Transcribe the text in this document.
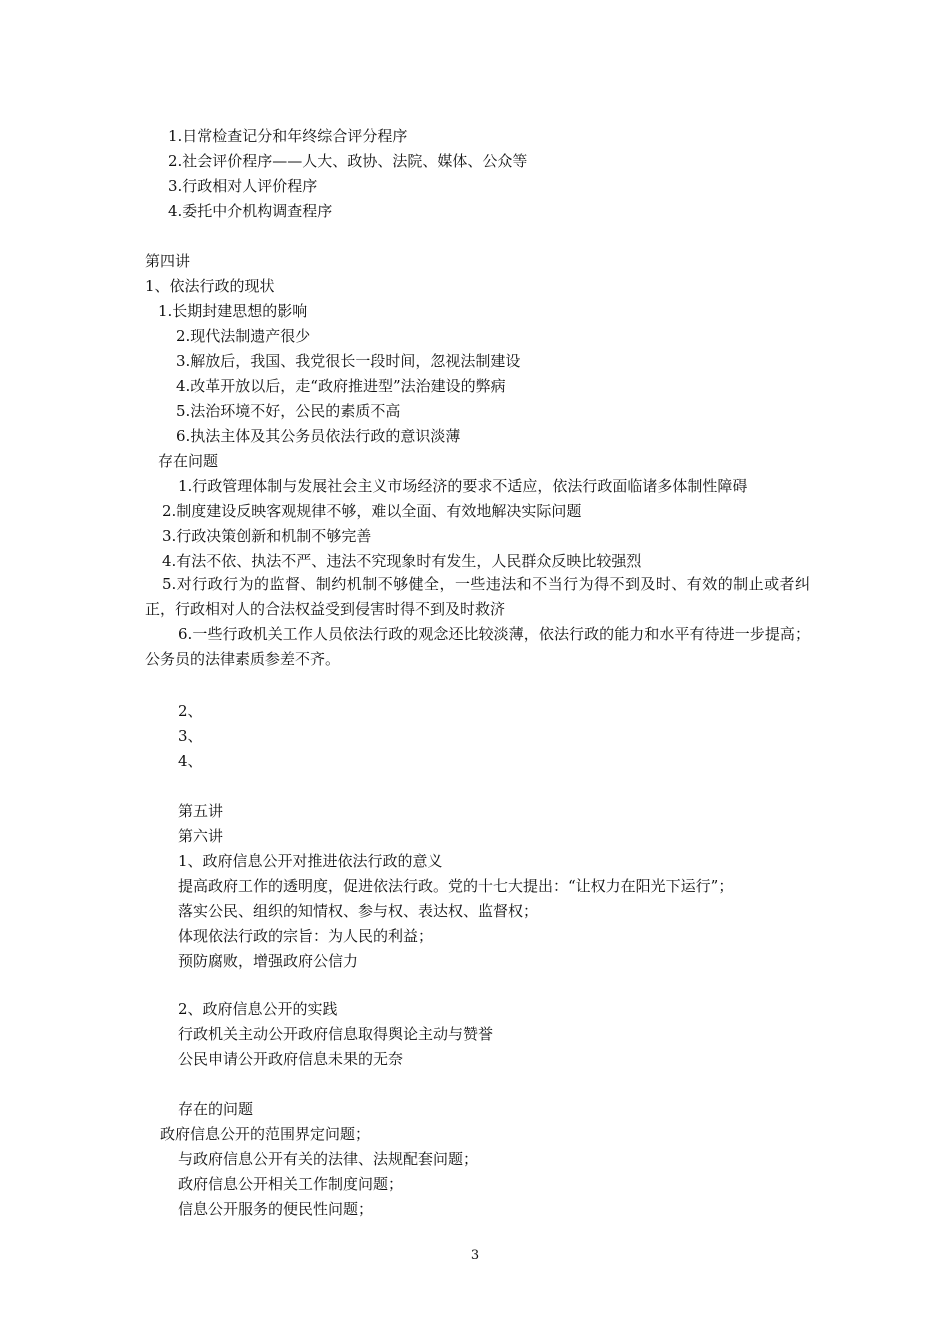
1.日常检查记分和年终综合评分程序
2.社会评价程序——人大、政协、法院、媒体、公众等
3.行政相对人评价程序
4.委托中介机构调查程序
第四讲
1、依法行政的现状
1.长期封建思想的影响
2.现代法制遗产很少
3.解放后，我国、我党很长一段时间，忽视法制建设
4.改革开放以后，走“政府推进型”法治建设的弊病
5.法治环境不好，公民的素质不高
6.执法主体及其公务员依法行政的意识淡薄
存在问题
1.行政管理体制与发展社会主义市场经济的要求不适应，依法行政面临诸多体制性障碍
2.制度建设反映客观规律不够，难以全面、有效地解决实际问题
3.行政决策创新和机制不够完善
4.有法不依、执法不严、违法不究现象时有发生，人民群众反映比较强烈
5.对行政行为的监督、制约机制不够健全，一些违法和不当行为得不到及时、有效的制止或者纠正，行政相对人的合法权益受到侵害时得不到及时救济
6.一些行政机关工作人员依法行政的观念还比较淡薄，依法行政的能力和水平有待进一步提高；公务员的法律素质参差不齐。
2、
3、
4、
第五讲
第六讲
1、政府信息公开对推进依法行政的意义
提高政府工作的透明度，促进依法行政。党的十七大提出：“让权力在阳光下运行”；
落实公民、组织的知情权、参与权、表达权、监督权；
体现依法行政的宗旨：为人民的利益；
预防腐败，增强政府公信力
2、政府信息公开的实践
行政机关主动公开政府信息取得舆论主动与赞誉
公民申请公开政府信息未果的无奈
存在的问题
政府信息公开的范围界定问题；
与政府信息公开有关的法律、法规配套问题；
政府信息公开相关工作制度问题；
信息公开服务的便民性问题；
3
